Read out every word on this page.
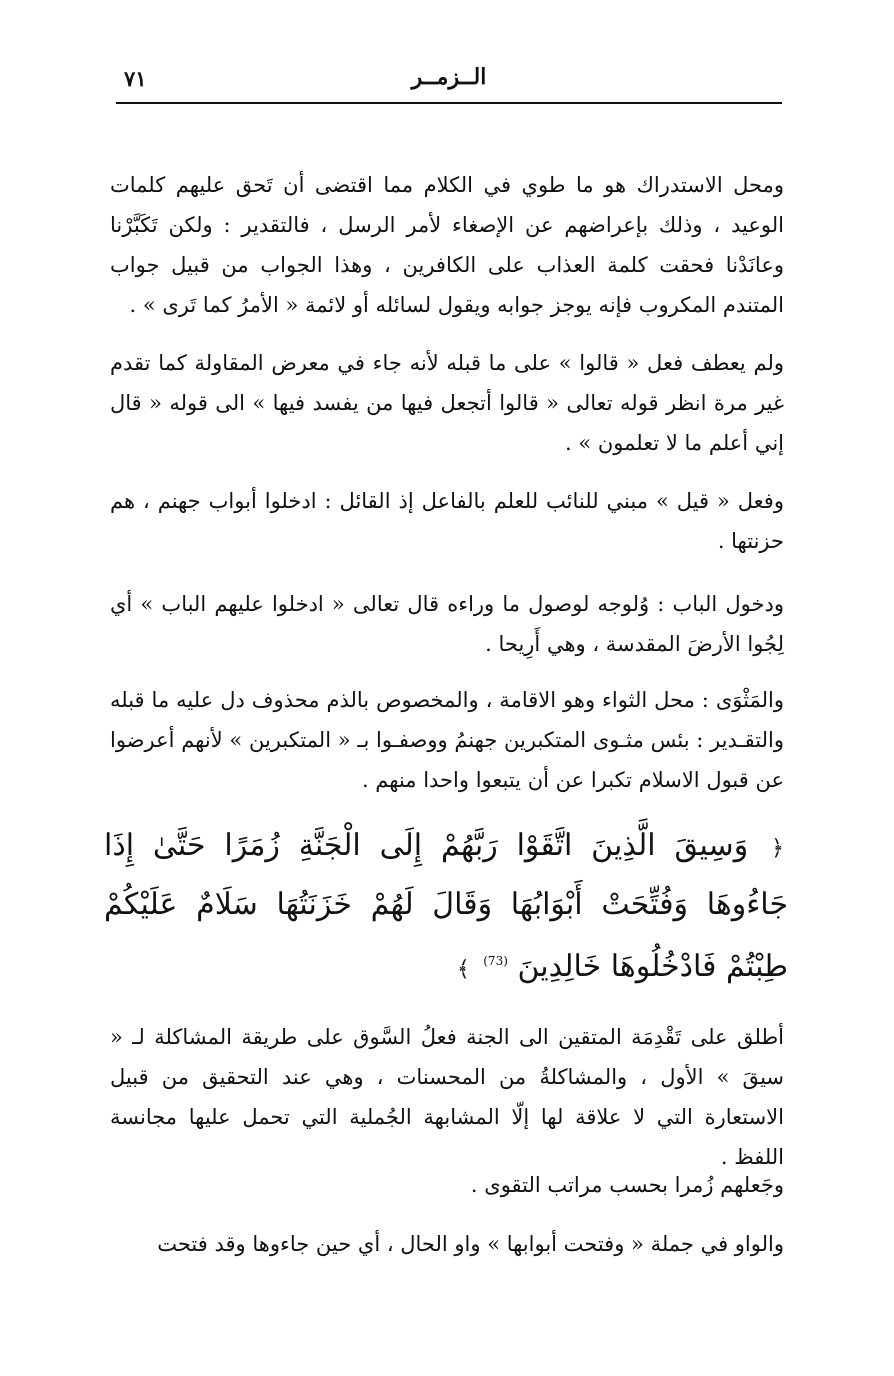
٧١	الــزمــر

ومحل الاستدراك هو ما طوي في الكلام مما اقتضى أن تَحق عليهم كلمات الوعيد ، وذلك بإعراضهم عن الإصغاء لأمر الرسل ، فالتقدير : ولكن تَكَبَّرْنا وعانَدْنا فحقت كلمة العذاب على الكافرين ، وهذا الجواب من قبيل جواب المتندم المكروب فإنه يوجز جوابه ويقول لسائله أو لائمة « الأمرُ كما تَرى » .

ولم يعطف فعل « قالوا » على ما قبله لأنه جاء في معرض المقاولة كما تقدم غير مرة انظر قوله تعالى « قالوا أتجعل فيها من يفسد فيها » الى قوله « قال إني أعلم ما لا تعلمون » .

وفعل « قيل » مبني للنائب للعلم بالفاعل إذ القائل : ادخلوا أبواب جهنم ، هم حزنتها .

ودخول الباب : وُلوجه لوصول ما وراءه قال تعالى « ادخلوا عليهم الباب » أي لِجُوا الأرضَ المقدسة ، وهي أَرِيحا .

والمَثْوَى : محل الثواء وهو الاقامة ، والمخصوص بالذم محذوف دل عليه ما قبله والتقـدير : بئس مثـوى المتكبرين جهنمُ ووصفـوا بـ « المتكبرين » لأنهم أعرضوا عن قبول الاسلام تكبرا عن أن يتبعوا واحدا منهم .

﴿ وَسِيقَ الَّذِينَ اتَّقَوْا رَبَّهُمْ إِلَى الْجَنَّةِ زُمَرًا حَتَّىٰ إِذَا جَاءُوهَا وَفُتِّحَتْ أَبْوَابُهَا وَقَالَ لَهُمْ خَزَنَتُهَا سَلَامٌ عَلَيْكُمْ طِبْتُمْ فَادْخُلُوهَا خَالِدِينَ (73) ﴾

أطلق على تَقْدِمَة المتقين الى الجنة فعلُ السَّوق على طريقة المشاكلة لـ « سيقَ » الأول ، والمشاكلةُ من المحسنات ، وهي عند التحقيق من قبيل الاستعارة التي لا علاقة لها إلّا المشابهة الجُملية التي تحمل عليها مجانسة اللفظ .

وجَعلهم زُمرا بحسب مراتب التقوى .

والواو في جملة « وفتحت أبوابها » واو الحال ، أي حين جاءوها وقد فتحت
